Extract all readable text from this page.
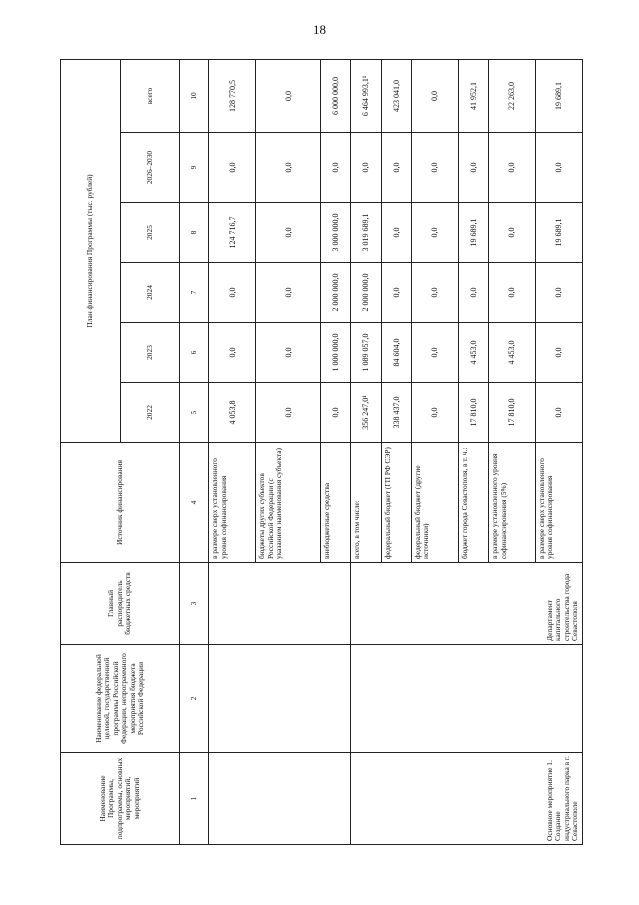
18
Наименование Программы, подпрограммы, основных мероприятий, мероприятий	Наименование федеральной целевой, государственной программы Российской Федерации, непрограммного мероприятия бюджета Российской Федерации	Главный распорядитель бюджетных средств	Источник финансирования	План финансирования Программы (тыс. рублей)					
				2022	2023	2024	2025	2026–2030	всего
1	2	3	4	5	6	7	8	9	10
			в размере сверх установленного уровня софинансирования	4 053,8	0,0	0,0	124 716,7	0,0	128 770,5
			бюджеты других субъектов Российской Федерации (с указанием наименования субъекта)	0,0	0,0	0,0	0,0	0,0	0,0
			внебюджетные средства	0,0	1 000 000,0	2 000 000,0	3 000 000,0	0,0	6 000 000,0
Основное мероприятие 1. Создание индустриального парка в г. Севастополе		Департамент капитального строительства города Севастополя	всего, в том числе:	356 247,0¹	1 089 057,0	2 000 000,0	3 019 689,1	0,0	6 464 993,1¹
			федеральный бюджет (ГП РФ СЭР)	338 437,0	84 604,0	0,0	0,0	0,0	423 041,0
			федеральный бюджет (другие источники)	0,0	0,0	0,0	0,0	0,0	0,0
			бюджет города Севастополя, в т. ч.:	17 810,0	4 453,0	0,0	19 689,1	0,0	41 952,1
			в размере установленного уровня софинансирования (5%)	17 810,0	4 453,0	0,0	0,0	0,0	22 263,0
			в размере сверх установленного уровня софинансирования	0,0	0,0	0,0	19 689,1	0,0	19 689,1
